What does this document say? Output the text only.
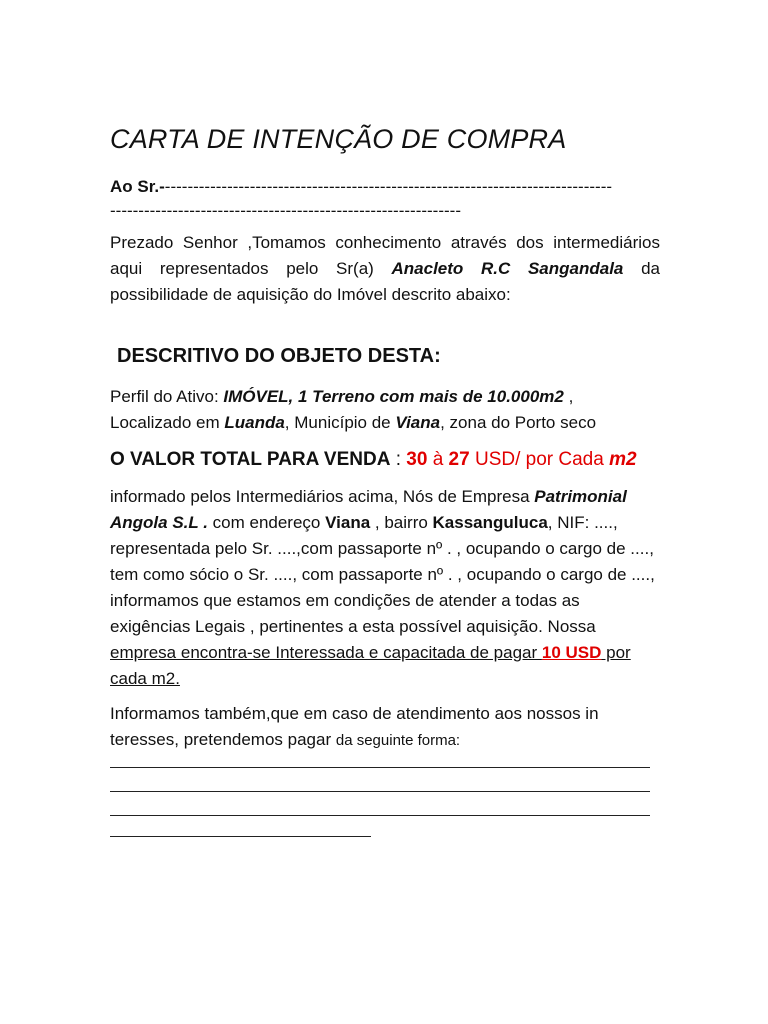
CARTA DE INTENÇÃO DE COMPRA
Ao Sr.--------------------------------------------------------------------------------
--------------------------------------------------------------
Prezado Senhor ,Tomamos conhecimento através dos intermediários aqui representados pelo Sr(a) Anacleto R.C Sangandala da possibilidade de aquisição do Imóvel descrito abaixo:
DESCRITIVO DO OBJETO DESTA:
Perfil do Ativo: IMÓVEL, 1 Terreno com mais de 10.000m2 ,
Localizado em Luanda, Município de Viana, zona do Porto seco
O VALOR TOTAL PARA VENDA : 30 à 27 USD/ por Cada m2
informado pelos Intermediários acima, Nós de Empresa Patrimonial Angola S.L . com endereço Viana , bairro Kassanguluca, NIF: ...., representada pelo Sr. ....,com passaporte nº . , ocupando o cargo de ...., tem como sócio o Sr. ...., com passaporte nº . , ocupando o cargo de ...., informamos que estamos em condições de atender a todas as exigências Legais , pertinentes a esta possível aquisição. Nossa empresa encontra-se Interessada e capacitada de pagar 10 USD por cada m2.
Informamos também,que em caso de atendimento aos nossos in teresses, pretendemos pagar da seguinte forma:
